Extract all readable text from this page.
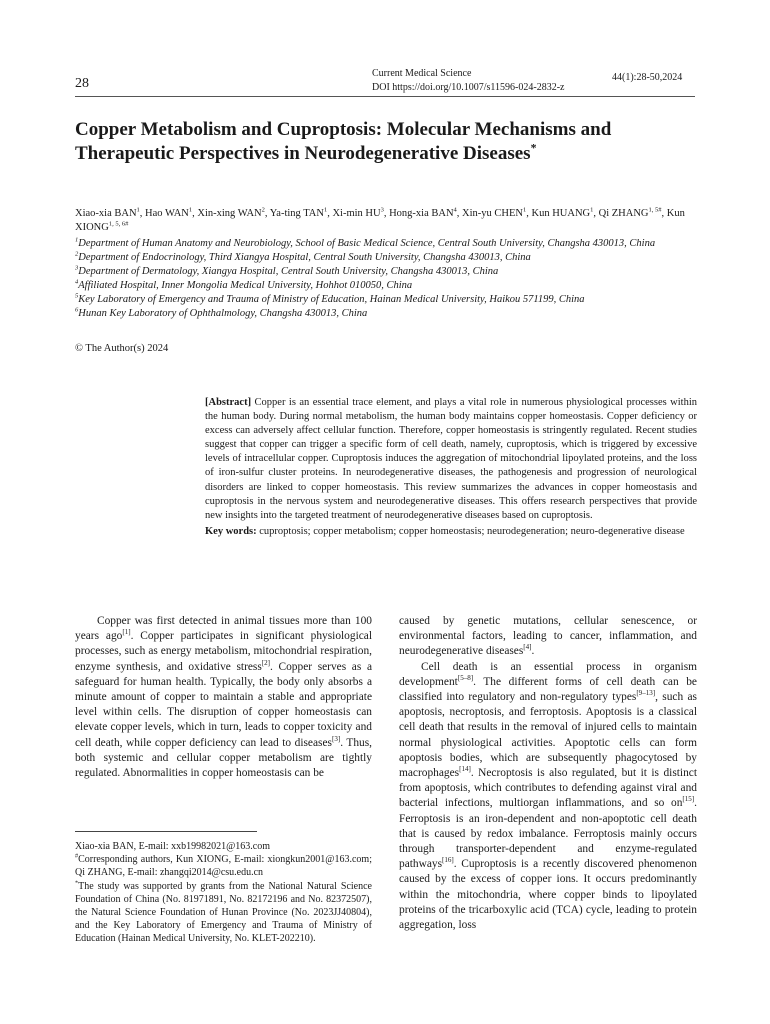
28
Current Medical Science
DOI https://doi.org/10.1007/s11596-024-2832-z
44(1):28-50,2024
Copper Metabolism and Cuproptosis: Molecular Mechanisms and
Therapeutic Perspectives in Neurodegenerative Diseases*
Xiao-xia BAN$^1$, Hao WAN$^1$, Xin-xing WAN$^2$, Ya-ting TAN$^1$, Xi-min $HU^3$, Hong-xia BAN$^4$, Xin-yu CHEN$^1$, Kun HUANG$^1$, Qi $ZHANG^{1, 5\#}$, Kun $XIONG^{1, 5, 6\#}$
$^1$Department of Human Anatomy and Neurobiology, School of Basic Medical Science, Central South University, Changsha 430013, China
$^2$Department of Endocrinology, Third Xiangya Hospital, Central South University, Changsha 430013, China
$^3$Department of Dermatology, Xiangya Hospital, Central South University, Changsha 430013, China
$^4$Affiliated Hospital, Inner Mongolia Medical University, Hohhot 010050, China
$^5$Key Laboratory of Emergency and Trauma of Ministry of Education, Hainan Medical University, Haikou 571199, China
$^6$Hunan Key Laboratory of Ophthalmology, Changsha 430013, China
© The Author(s) 2024
[Abstract] Copper is an essential trace element, and plays a vital role in numerous physiological processes within the human body. During normal metabolism, the human body maintains copper homeostasis. Copper deficiency or excess can adversely affect cellular function. Therefore, copper homeostasis is stringently regulated. Recent studies suggest that copper can trigger a specific form of cell death, namely, cuproptosis, which is triggered by excessive levels of intracellular copper. Cuproptosis induces the aggregation of mitochondrial lipoylated proteins, and the loss of iron-sulfur cluster proteins. In neurodegenerative diseases, the pathogenesis and progression of neurological disorders are linked to copper homeostasis. This review summarizes the advances in copper homeostasis and cuproptosis in the nervous system and neurodegenerative diseases. This offers research perspectives that provide new insights into the targeted treatment of neurodegenerative diseases based on cuproptosis.
Key words: cuproptosis; copper metabolism; copper homeostasis; neurodegeneration; neuro-degenerative disease

Copper was first detected in animal tissues more than 100 years ago[1]. Copper participates in significant physiological processes, such as energy metabolism, mitochondrial respiration, enzyme synthesis, and oxidative stress[2]. Copper serves as a safeguard for human health. Typically, the body only absorbs a minute amount of copper to maintain a stable and appropriate level within cells. The disruption of copper homeostasis can elevate copper levels, which in turn, leads to copper toxicity and cell death, while copper deficiency can lead to diseases[3]. Thus, both systemic and cellular copper metabolism are tightly regulated. Abnormalities in copper homeostasis can be

caused by genetic mutations, cellular senescence, or environmental factors, leading to cancer, inflammation, and neurodegenerative diseases[4].

Cell death is an essential process in organism development[5–8]. The different forms of cell death can be classified into regulatory and non-regulatory types[9–13], such as apoptosis, necroptosis, and ferroptosis. Apoptosis is a classical cell death that results in the removal of injured cells to maintain normal physiological activities. Apoptotic cells can form apoptosis bodies, which are subsequently phagocytosed by macrophages[14]. Necroptosis is also regulated, but it is distinct from apoptosis, which contributes to defending against viral and bacterial infections, multiorgan inflammations, and so on[15]. Ferroptosis is an iron-dependent and non-apoptotic cell death that is caused by redox imbalance. Ferroptosis mainly occurs through transporter-dependent and enzyme-regulated pathways[16]. Cuproptosis is a recently discovered phenomenon caused by the excess of copper ions. It occurs predominantly within the mitochondria, where copper binds to lipoylated proteins of the tricarboxylic acid (TCA) cycle, leading to protein aggregation, loss

Xiao-xia BAN, E-mail: xxb19982021@163.com
#Corresponding authors, Kun XIONG, E-mail: xiongkun2001@163.com; Qi ZHANG, E-mail: zhangqi2014@csu.edu.cn
*The study was supported by grants from the National Natural Science Foundation of China (No. 81971891, No. 82172196 and No. 82372507), the Natural Science Foundation of Hunan Province (No. 2023JJ40804), and the Key Laboratory of Emergency and Trauma of Ministry of Education (Hainan Medical University, No. KLET-202210).
